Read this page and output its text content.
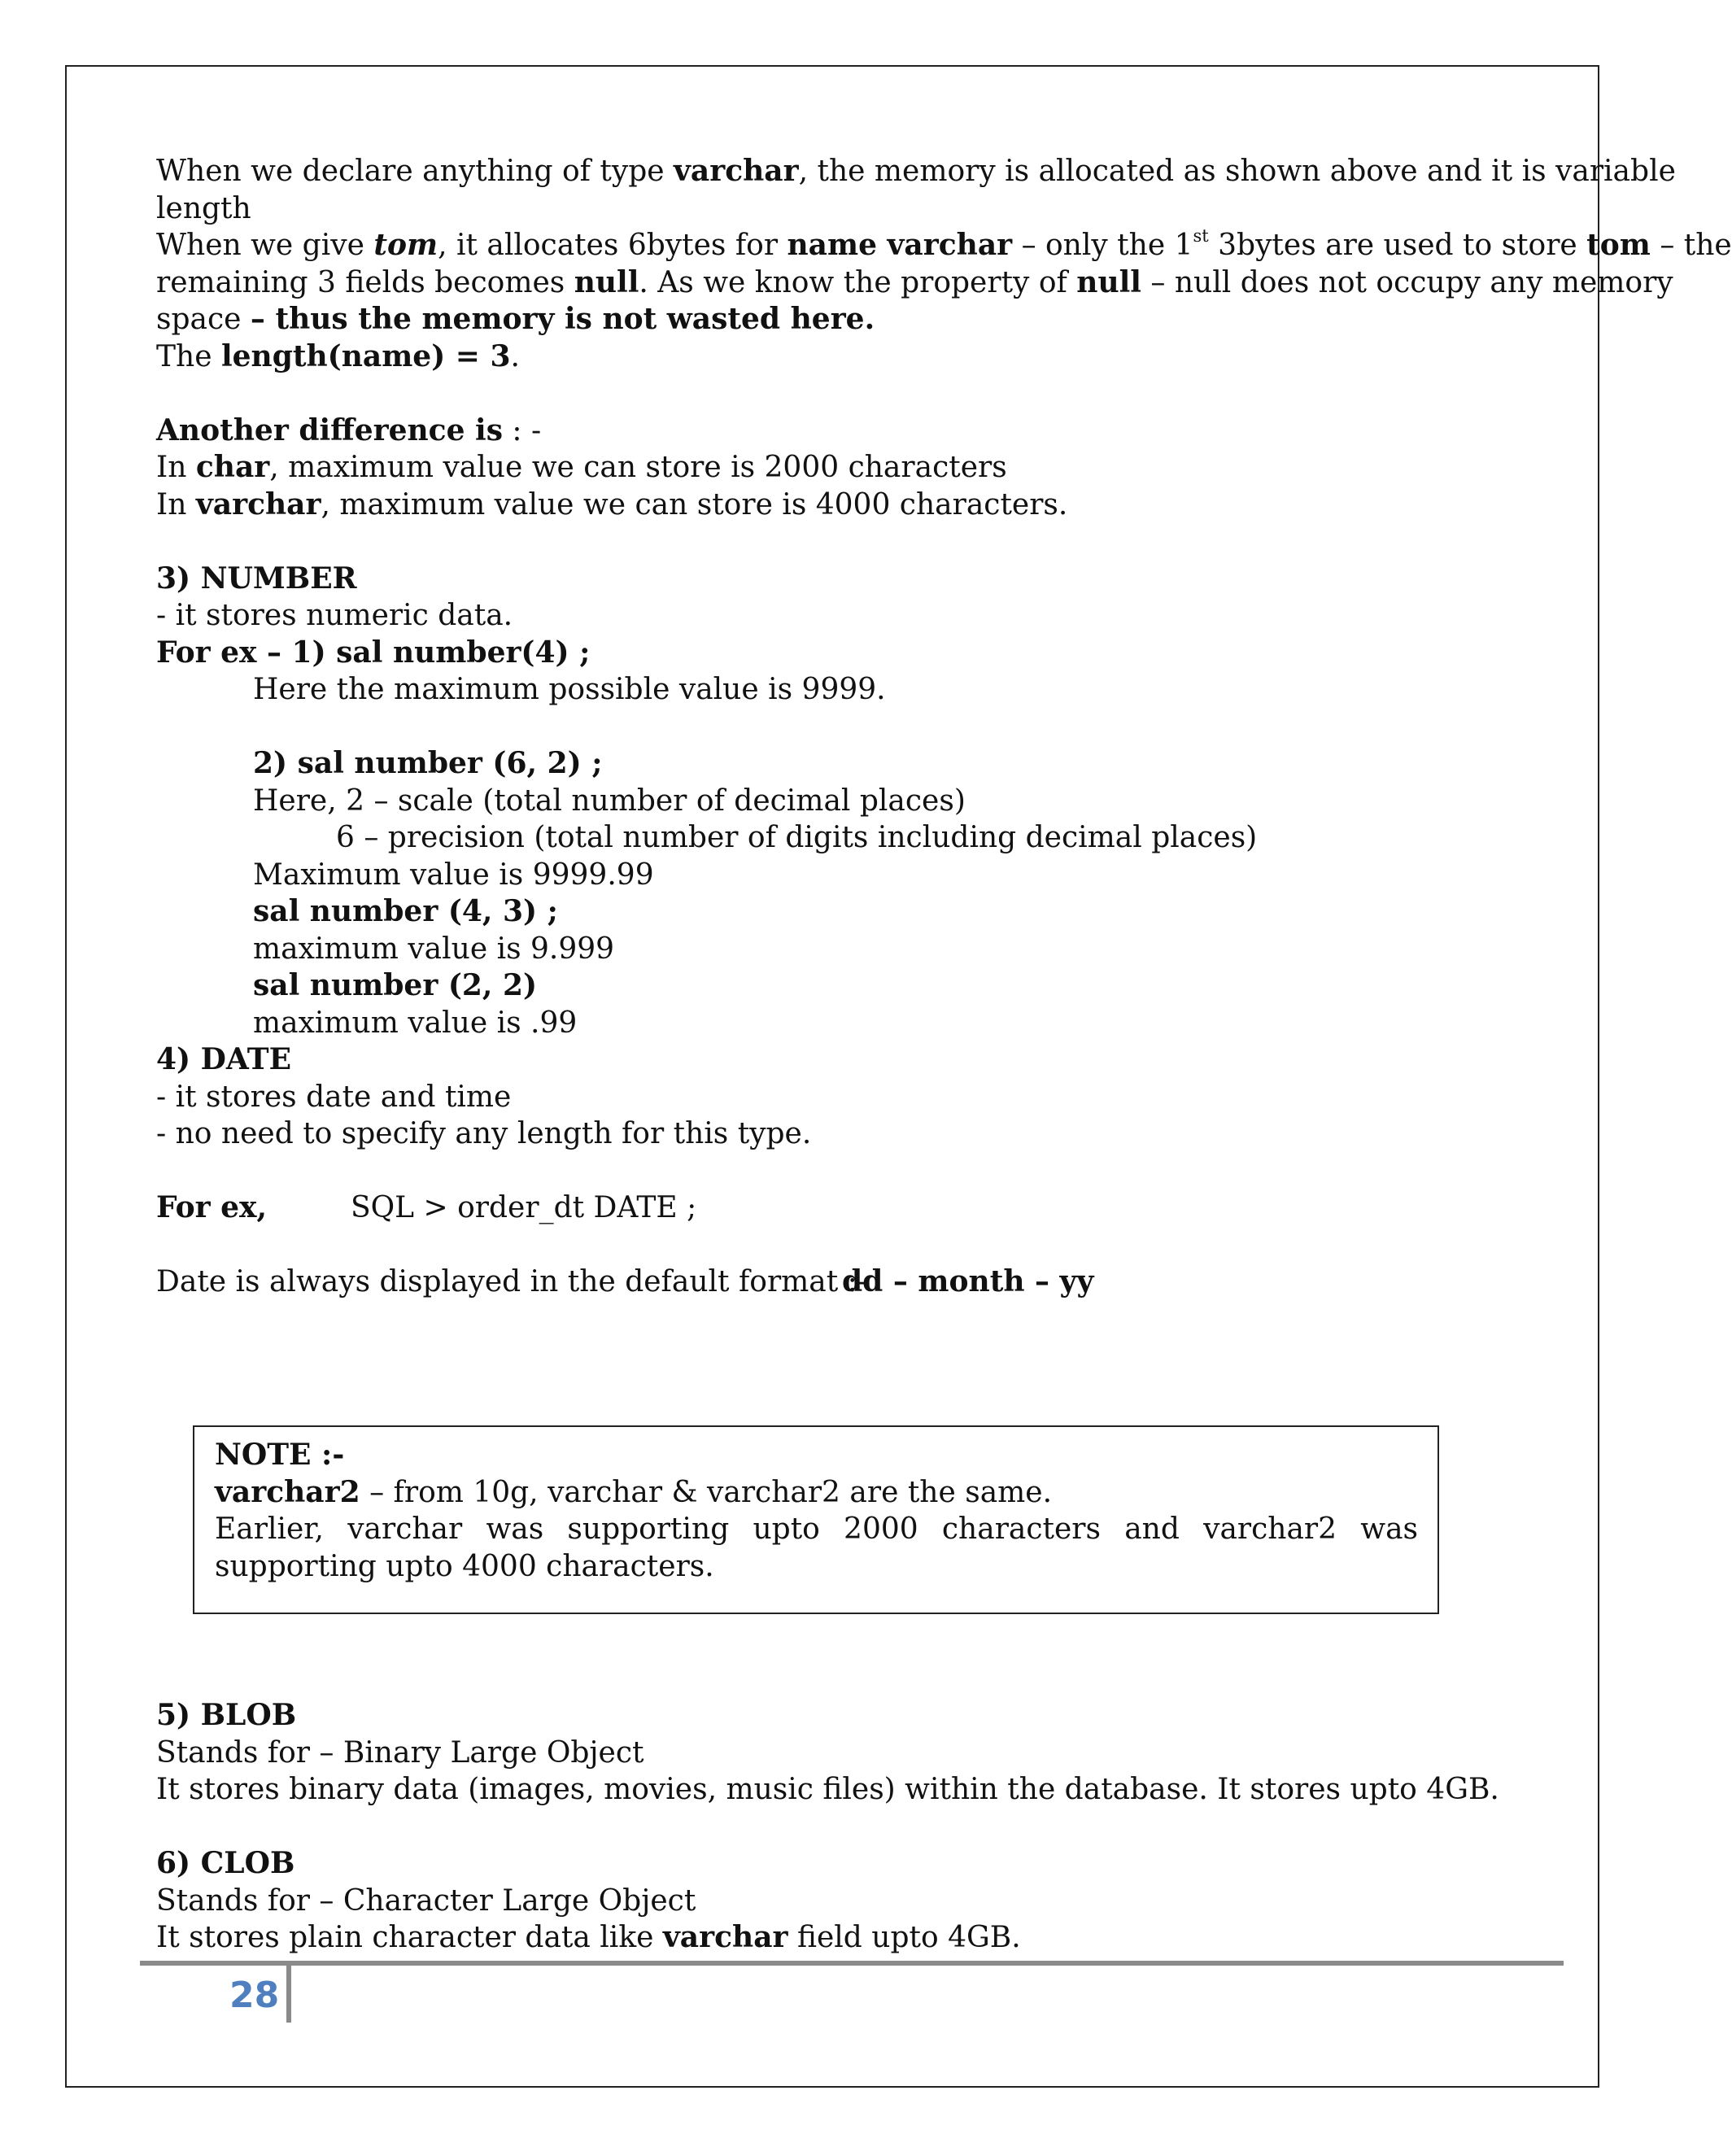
When we declare anything of type varchar, the memory is allocated as shown above and it is variable
length
When we give tom, it allocates 6bytes for name varchar – only the 1st 3bytes are used to store tom – the
remaining 3 fields becomes null. As we know the property of null – null does not occupy any memory
space – thus the memory is not wasted here.
The length(name) = 3.
Another difference is : -
In char, maximum value we can store is 2000 characters
In varchar, maximum value we can store is 4000 characters.
3) NUMBER
- it stores numeric data.
For ex – 1) sal number(4) ;
Here the maximum possible value is 9999.
2) sal number (6, 2) ;
Here, 2 – scale (total number of decimal places)
6 – precision (total number of digits including decimal places)
Maximum value is 9999.99
sal number (4, 3) ;
maximum value is 9.999
sal number (2, 2)
maximum value is .99
4) DATE
- it stores date and time
- no need to specify any length for this type.
For ex,	SQL > order_dt DATE ;
Date is always displayed in the default format :-dd – month – yy
NOTE :-
varchar2 – from 10g, varchar & varchar2 are the same.
Earlier, varchar was supporting upto 2000 characters and varchar2 was supporting upto 4000 characters.
5) BLOB
Stands for – Binary Large Object
It stores binary data (images, movies, music files) within the database. It stores upto 4GB.
6) CLOB
Stands for – Character Large Object
It stores plain character data like varchar field upto 4GB.
28
